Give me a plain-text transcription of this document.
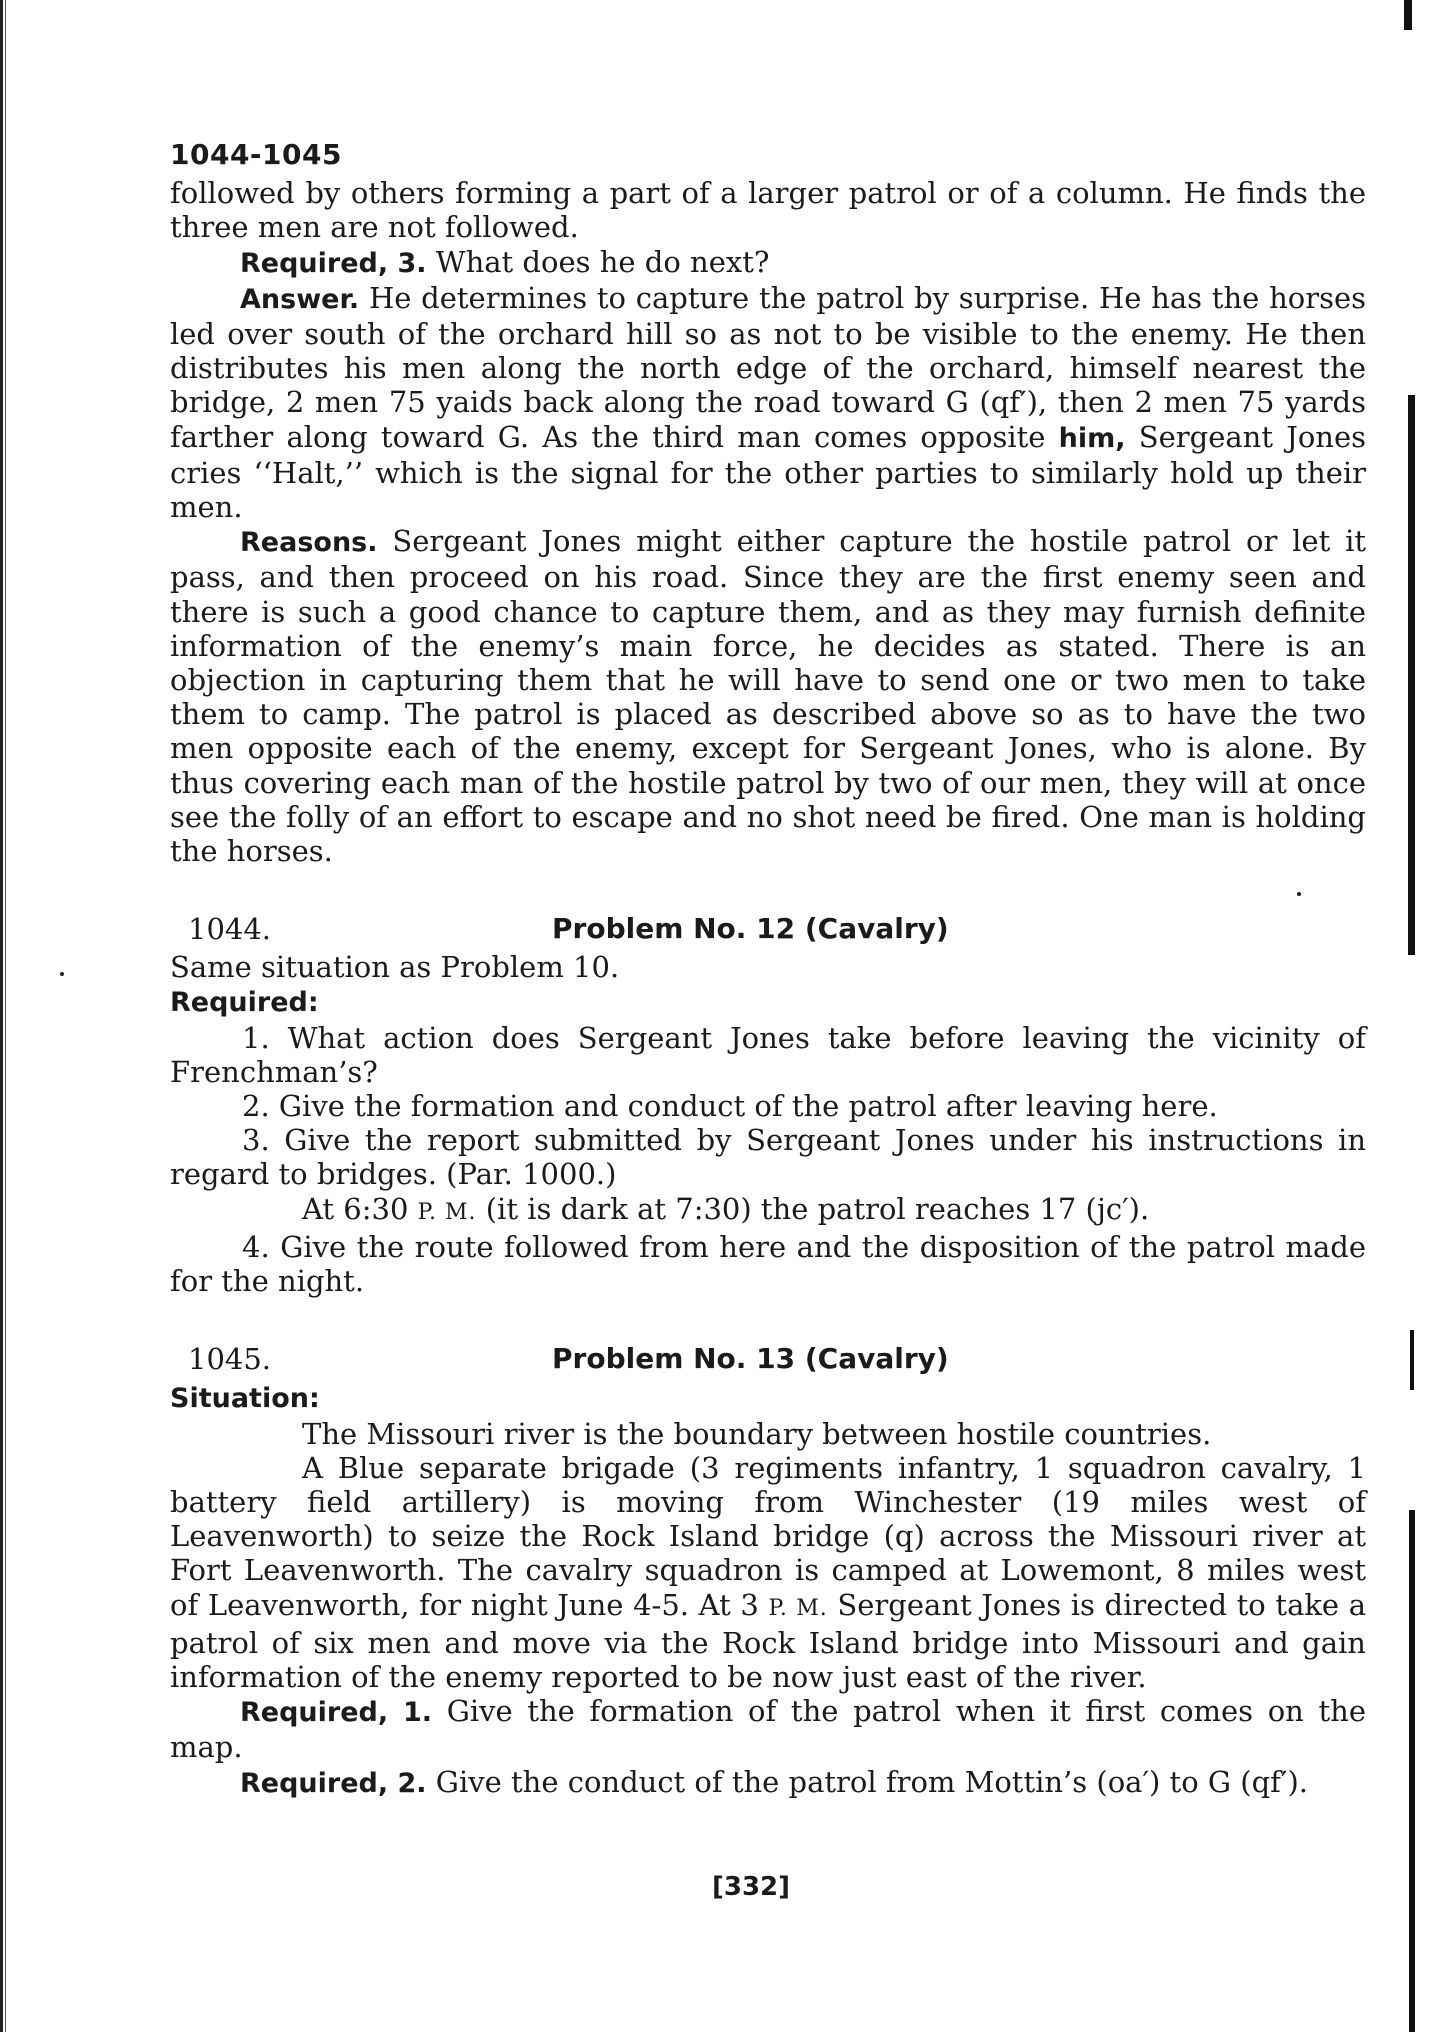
1044-1045

followed by others forming a part of a larger patrol or of a column. He finds the three men are not followed.

Required, 3. What does he do next?

Answer. He determines to capture the patrol by surprise. He has the horses led over south of the orchard hill so as not to be visible to the enemy. He then distributes his men along the north edge of the orchard, himself nearest the bridge, 2 men 75 yaids back along the road toward G (qf′), then 2 men 75 yards farther along toward G. As the third man comes opposite him, Sergeant Jones cries ‘‘Halt,’’ which is the signal for the other parties to similarly hold up their men.

Reasons. Sergeant Jones might either capture the hostile patrol or let it pass, and then proceed on his road. Since they are the first enemy seen and there is such a good chance to capture them, and as they may furnish definite information of the enemy’s main force, he decides as stated. There is an objection in capturing them that he will have to send one or two men to take them to camp. The patrol is placed as described above so as to have the two men opposite each of the enemy, except for Sergeant Jones, who is alone. By thus covering each man of the hostile patrol by two of our men, they will at once see the folly of an effort to escape and no shot need be fired. One man is holding the horses.

1044.	Problem No. 12 (Cavalry)

Same situation as Problem 10.

Required:

1. What action does Sergeant Jones take before leaving the vicinity of Frenchman’s?

2. Give the formation and conduct of the patrol after leaving here.

3. Give the report submitted by Sergeant Jones under his instructions in regard to bridges. (Par. 1000.)

At 6:30 P. M. (it is dark at 7:30) the patrol reaches 17 (jc′).

4. Give the route followed from here and the disposition of the patrol made for the night.

1045.	Problem No. 13 (Cavalry)

Situation:

The Missouri river is the boundary between hostile countries.

A Blue separate brigade (3 regiments infantry, 1 squadron cavalry, 1 battery field artillery) is moving from Winchester (19 miles west of Leavenworth) to seize the Rock Island bridge (q) across the Missouri river at Fort Leavenworth. The cavalry squadron is camped at Lowemont, 8 miles west of Leavenworth, for night June 4-5. At 3 P. M. Sergeant Jones is directed to take a patrol of six men and move via the Rock Island bridge into Missouri and gain information of the enemy reported to be now just east of the river.

Required, 1. Give the formation of the patrol when it first comes on the map.

Required, 2. Give the conduct of the patrol from Mottin’s (oa′) to G (qf′).

[332]
